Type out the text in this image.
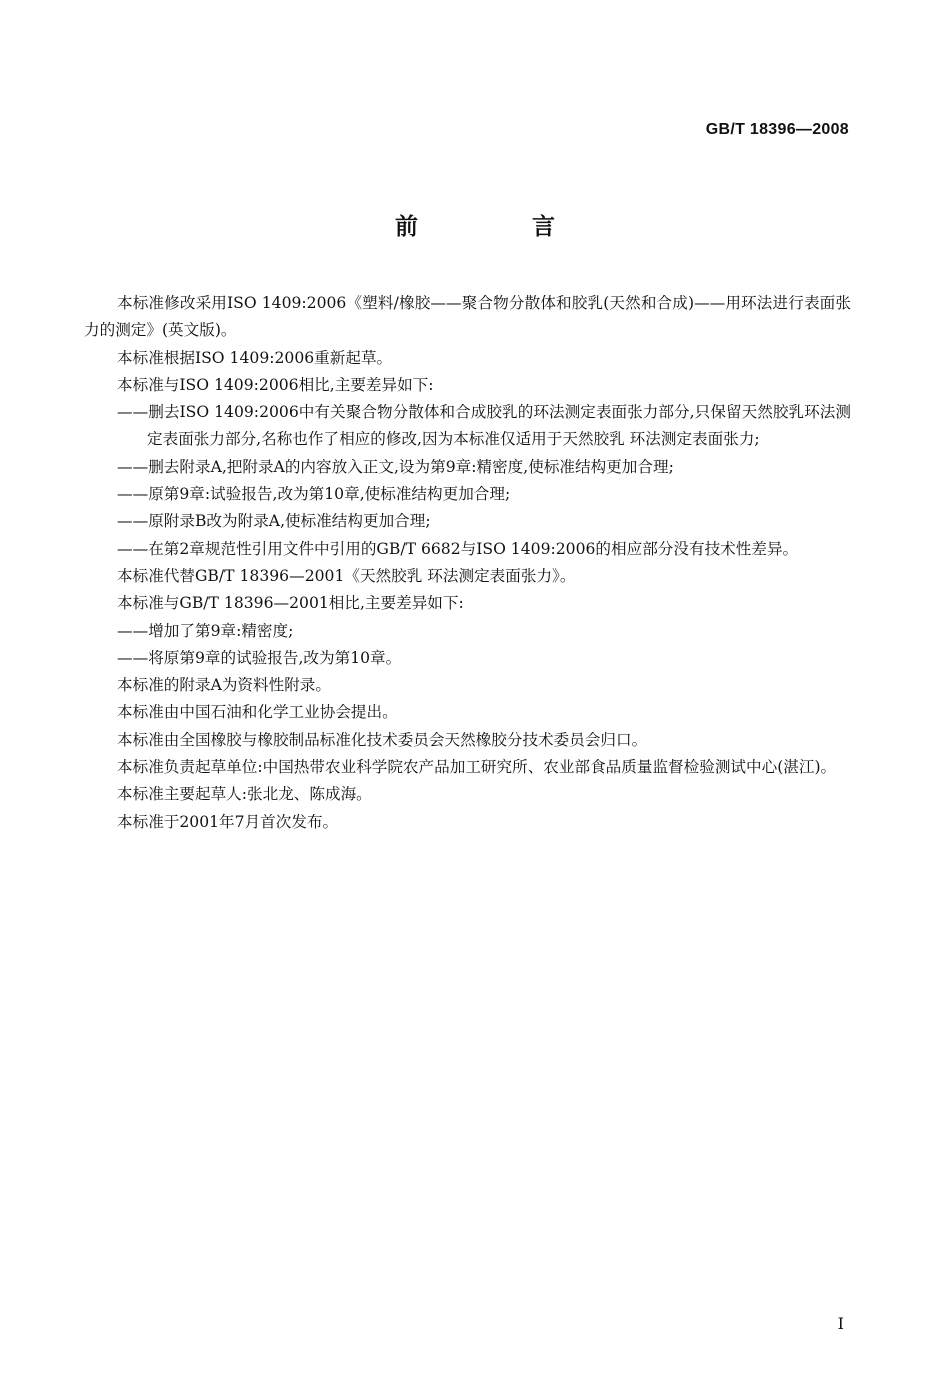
GB/T 18396—2008
前 言

本标准修改采用ISO 1409:2006《塑料/橡胶——聚合物分散体和胶乳(天然和合成)——用环法进行表面张力的测定》(英文版)。

本标准根据ISO 1409:2006重新起草。

本标准与ISO 1409:2006相比,主要差异如下:

——删去ISO 1409:2006中有关聚合物分散体和合成胶乳的环法测定表面张力部分,只保留天然胶乳环法测定表面张力部分,名称也作了相应的修改,因为本标准仅适用于天然胶乳 环法测定表面张力;

——删去附录A,把附录A的内容放入正文,设为第9章:精密度,使标准结构更加合理;

——原第9章:试验报告,改为第10章,使标准结构更加合理;

——原附录B改为附录A,使标准结构更加合理;

——在第2章规范性引用文件中引用的GB/T 6682与ISO 1409:2006的相应部分没有技术性差异。

本标准代替GB/T 18396—2001《天然胶乳 环法测定表面张力》。

本标准与GB/T 18396—2001相比,主要差异如下:

——增加了第9章:精密度;

——将原第9章的试验报告,改为第10章。

本标准的附录A为资料性附录。

本标准由中国石油和化学工业协会提出。

本标准由全国橡胶与橡胶制品标准化技术委员会天然橡胶分技术委员会归口。

本标准负责起草单位:中国热带农业科学院农产品加工研究所、农业部食品质量监督检验测试中心(湛江)。

本标准主要起草人:张北龙、陈成海。

本标准于2001年7月首次发布。

I
